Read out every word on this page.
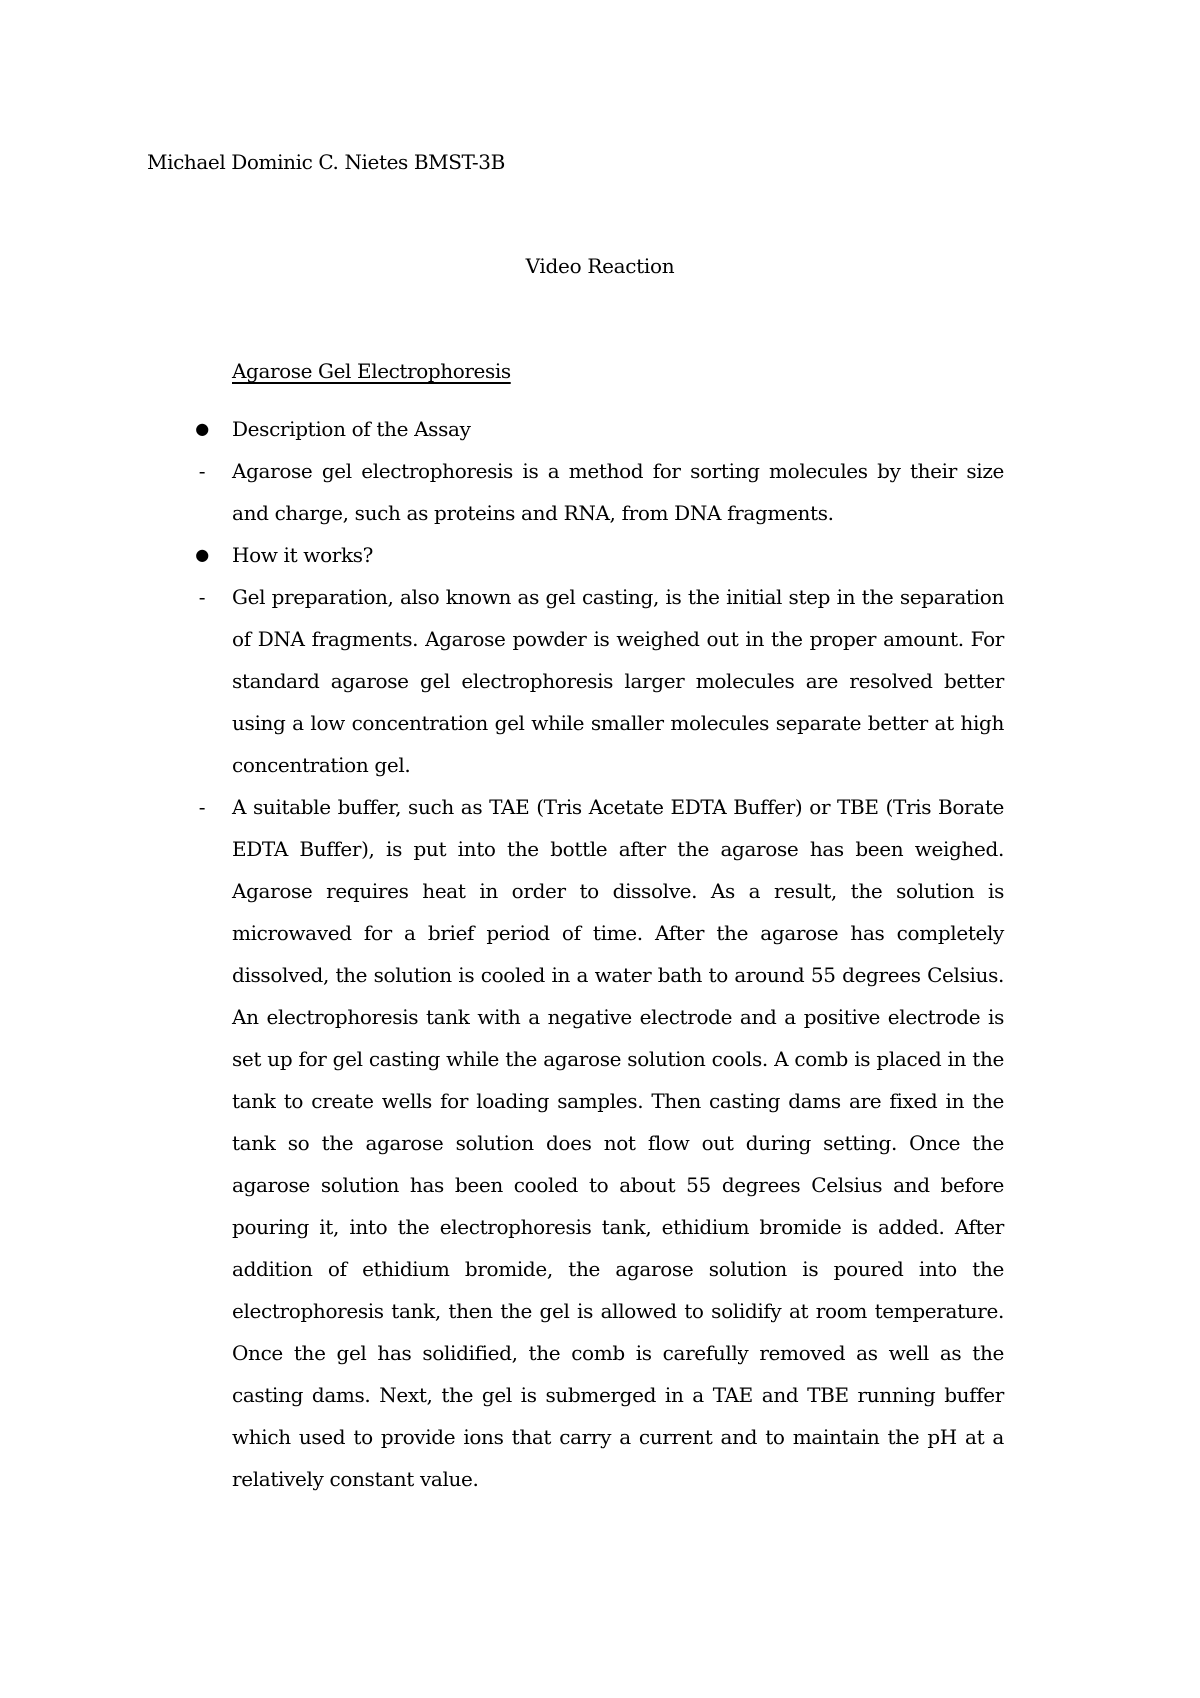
Michael Dominic C. Nietes BMST-3B
Video Reaction
Agarose Gel Electrophoresis
● Description of the Assay
-	Agarose gel electrophoresis is a method for sorting molecules by their size and charge, such as proteins and RNA, from DNA fragments.
● How it works?
-	Gel preparation, also known as gel casting, is the initial step in the separation of DNA fragments. Agarose powder is weighed out in the proper amount. For standard agarose gel electrophoresis larger molecules are resolved better using a low concentration gel while smaller molecules separate better at high concentration gel.
-	A suitable buffer, such as TAE (Tris Acetate EDTA Buffer) or TBE (Tris Borate EDTA Buffer), is put into the bottle after the agarose has been weighed. Agarose requires heat in order to dissolve. As a result, the solution is microwaved for a brief period of time. After the agarose has completely dissolved, the solution is cooled in a water bath to around 55 degrees Celsius. An electrophoresis tank with a negative electrode and a positive electrode is set up for gel casting while the agarose solution cools. A comb is placed in the tank to create wells for loading samples. Then casting dams are fixed in the tank so the agarose solution does not flow out during setting. Once the agarose solution has been cooled to about 55 degrees Celsius and before pouring it, into the electrophoresis tank, ethidium bromide is added. After addition of ethidium bromide, the agarose solution is poured into the electrophoresis tank, then the gel is allowed to solidify at room temperature. Once the gel has solidified, the comb is carefully removed as well as the casting dams. Next, the gel is submerged in a TAE and TBE running buffer which used to provide ions that carry a current and to maintain the pH at a relatively constant value.
